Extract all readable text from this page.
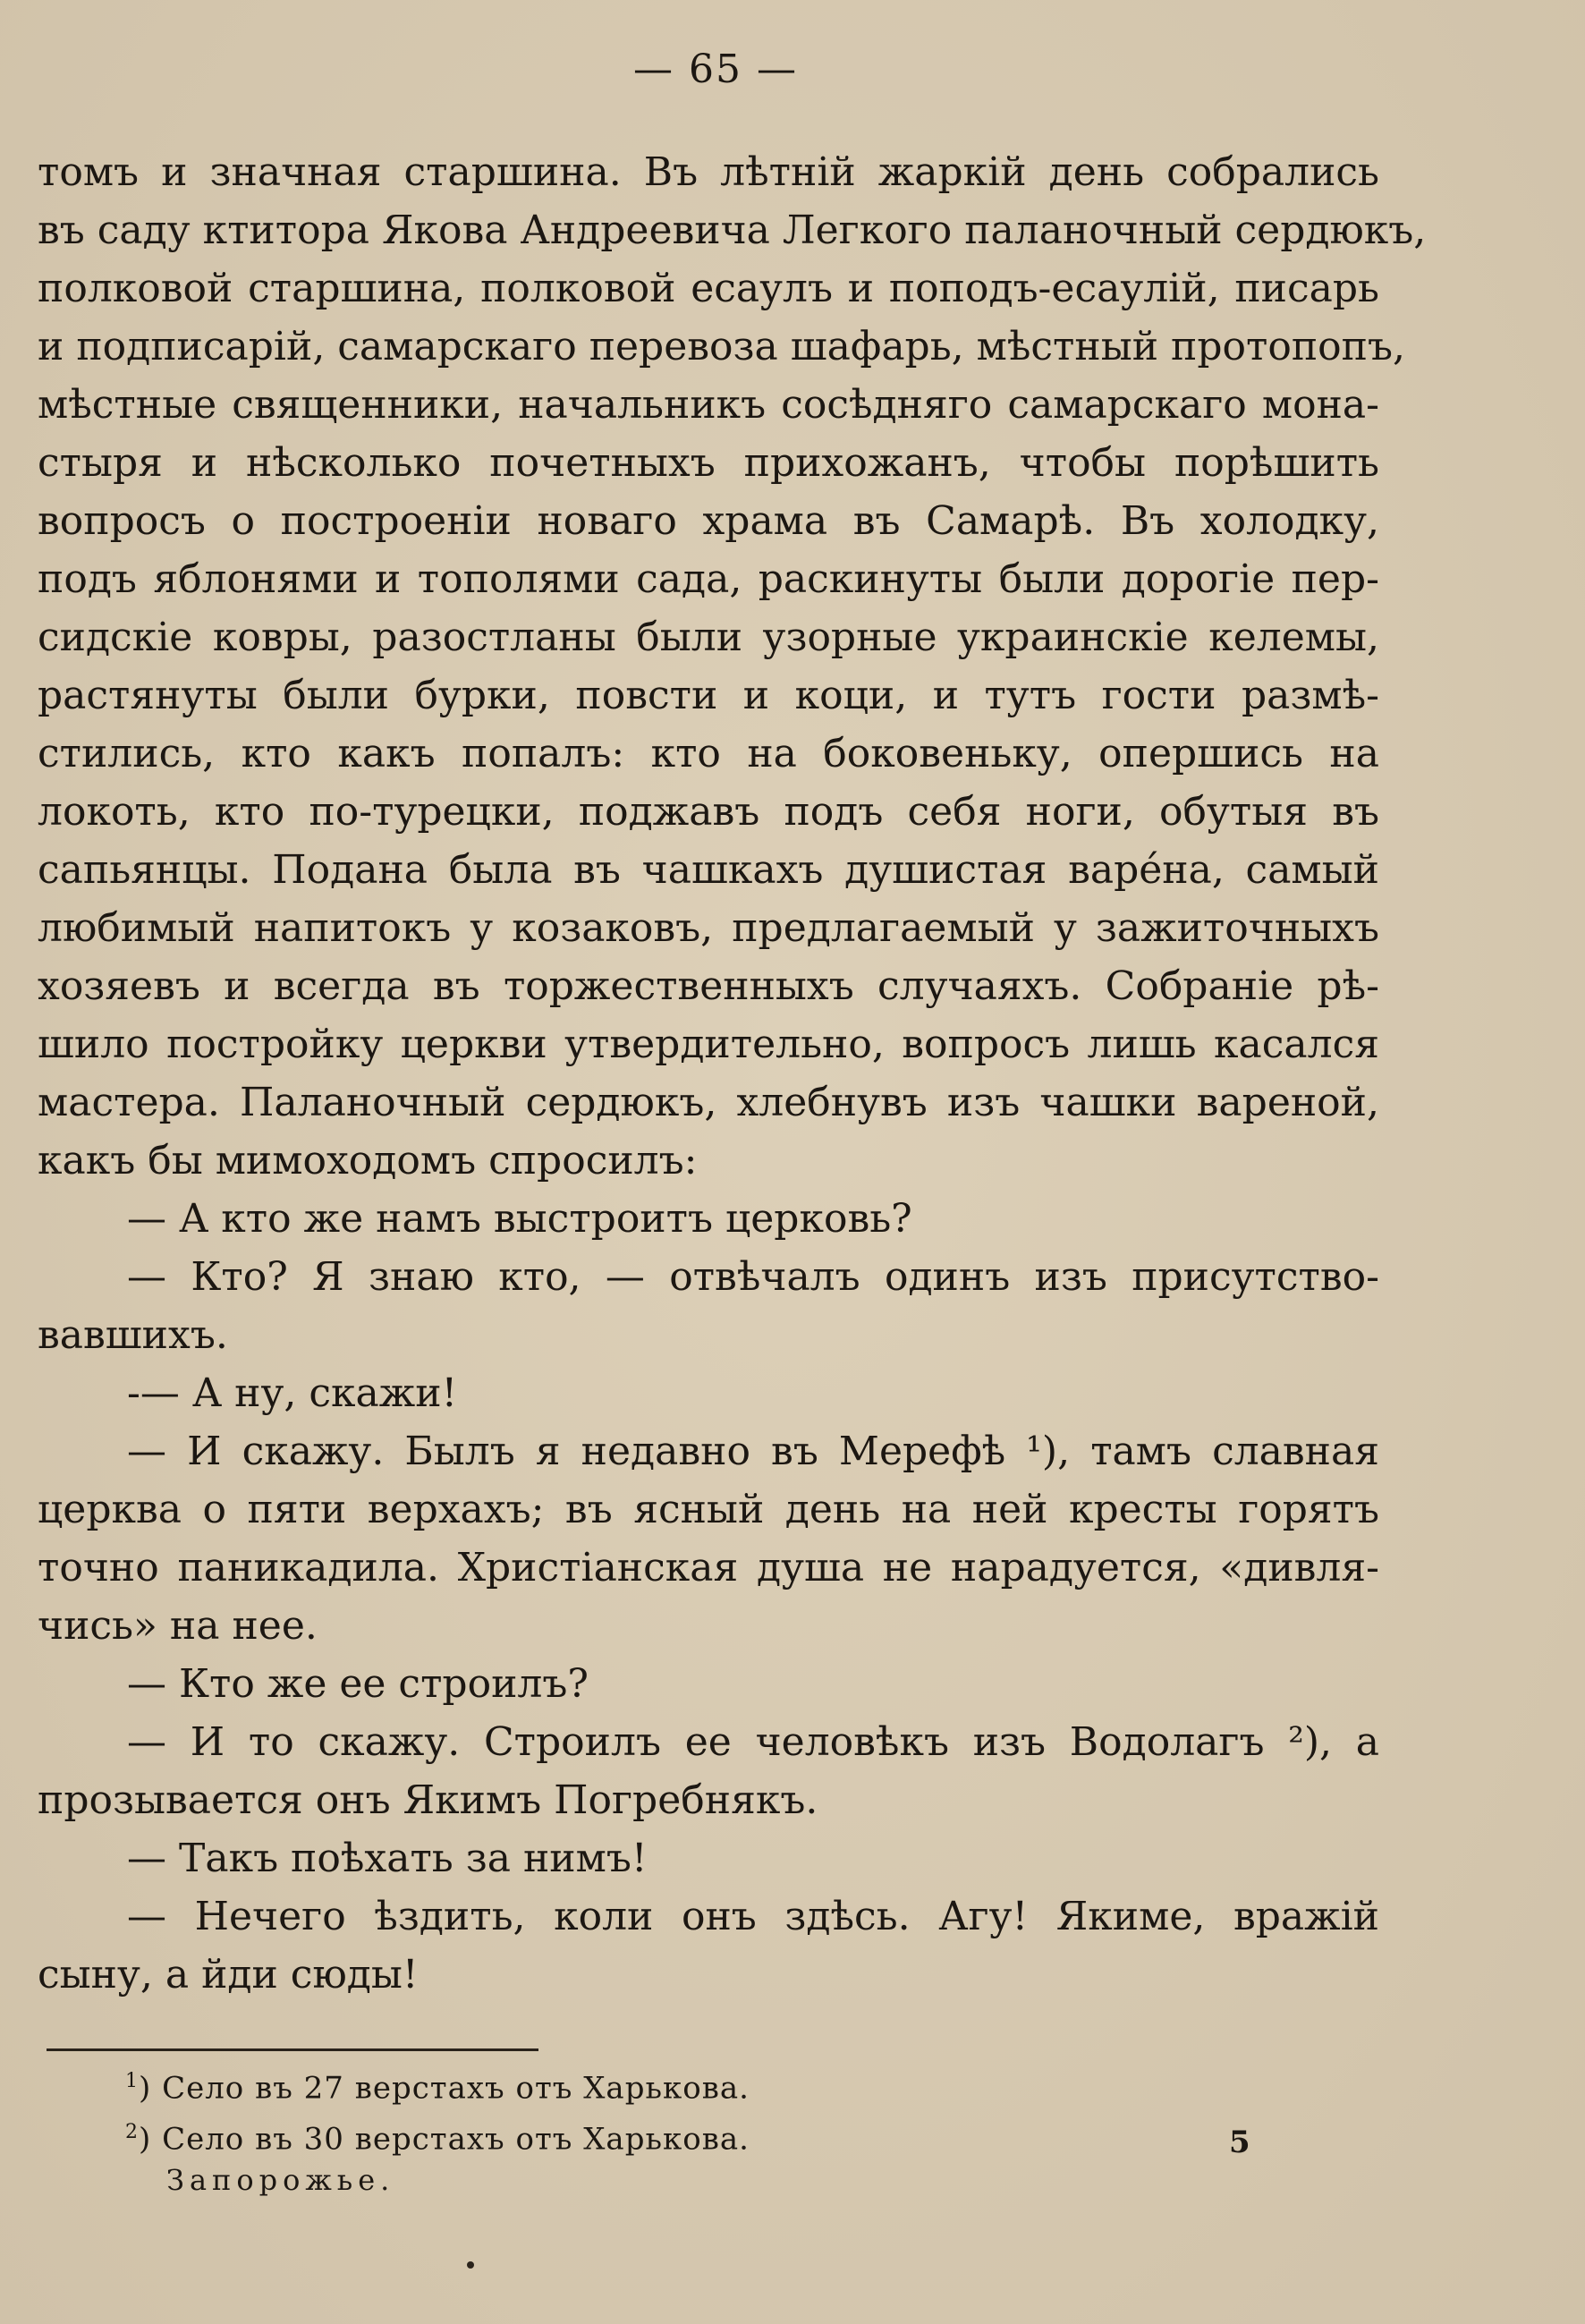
— 65 —
томъ и значная старшина. Въ лѣтній жаркій день собрались
въ саду ктитора Якова Андреевича Легкого паланочный сердюкъ,
полковой старшина, полковой есаулъ и поподъ-есаулій, писарь
и подписарій, самарскаго перевоза шафарь, мѣстный протопопъ,
мѣстные священники, начальникъ сосѣдняго самарскаго мона-
стыря и нѣсколько почетныхъ прихожанъ, чтобы порѣшить
вопросъ о построеніи новаго храма въ Самарѣ. Въ холодку,
подъ яблонями и тополями сада, раскинуты были дорогіе пер-
сидскіе ковры, разостланы были узорные украинскіе келемы,
растянуты были бурки, повсти и коци, и тутъ гости размѣ-
стились, кто какъ попалъ: кто на боковеньку, опершись на
локоть, кто по-турецки, поджавъ подъ себя ноги, обутыя въ
сапьянцы. Подана была въ чашкахъ душистая варéна, самый
любимый напитокъ у козаковъ, предлагаемый у зажиточныхъ
хозяевъ и всегда въ торжественныхъ случаяхъ. Собраніе рѣ-
шило постройку церкви утвердительно, вопросъ лишь касался
мастера. Паланочный сердюкъ, хлебнувъ изъ чашки вареной,
какъ бы мимоходомъ спросилъ:
— А кто же намъ выстроитъ церковь?
— Кто? Я знаю кто, — отвѣчалъ одинъ изъ присутство-
вавшихъ.
-— А ну, скажи!
— И скажу. Былъ я недавно въ Мерефѣ ¹), тамъ славная
церква о пяти верхахъ; въ ясный день на ней кресты горятъ
точно паникадила. Христіанская душа не нарадуется, «дивля-
чись» на нее.
— Кто же ее строилъ?
— И то скажу. Строилъ ее человѣкъ изъ Водолагъ ²), а
прозывается онъ Якимъ Погребнякъ.
— Такъ поѣхать за нимъ!
— Нечего ѣздить, коли онъ здѣсь. Агу! Якиме, вражій
сыну, а йди сюды!
$^1$) Село въ 27 верстахъ отъ Харькова.
$^2$) Село въ 30 верстахъ отъ Харькова.	5
Запорожье.
